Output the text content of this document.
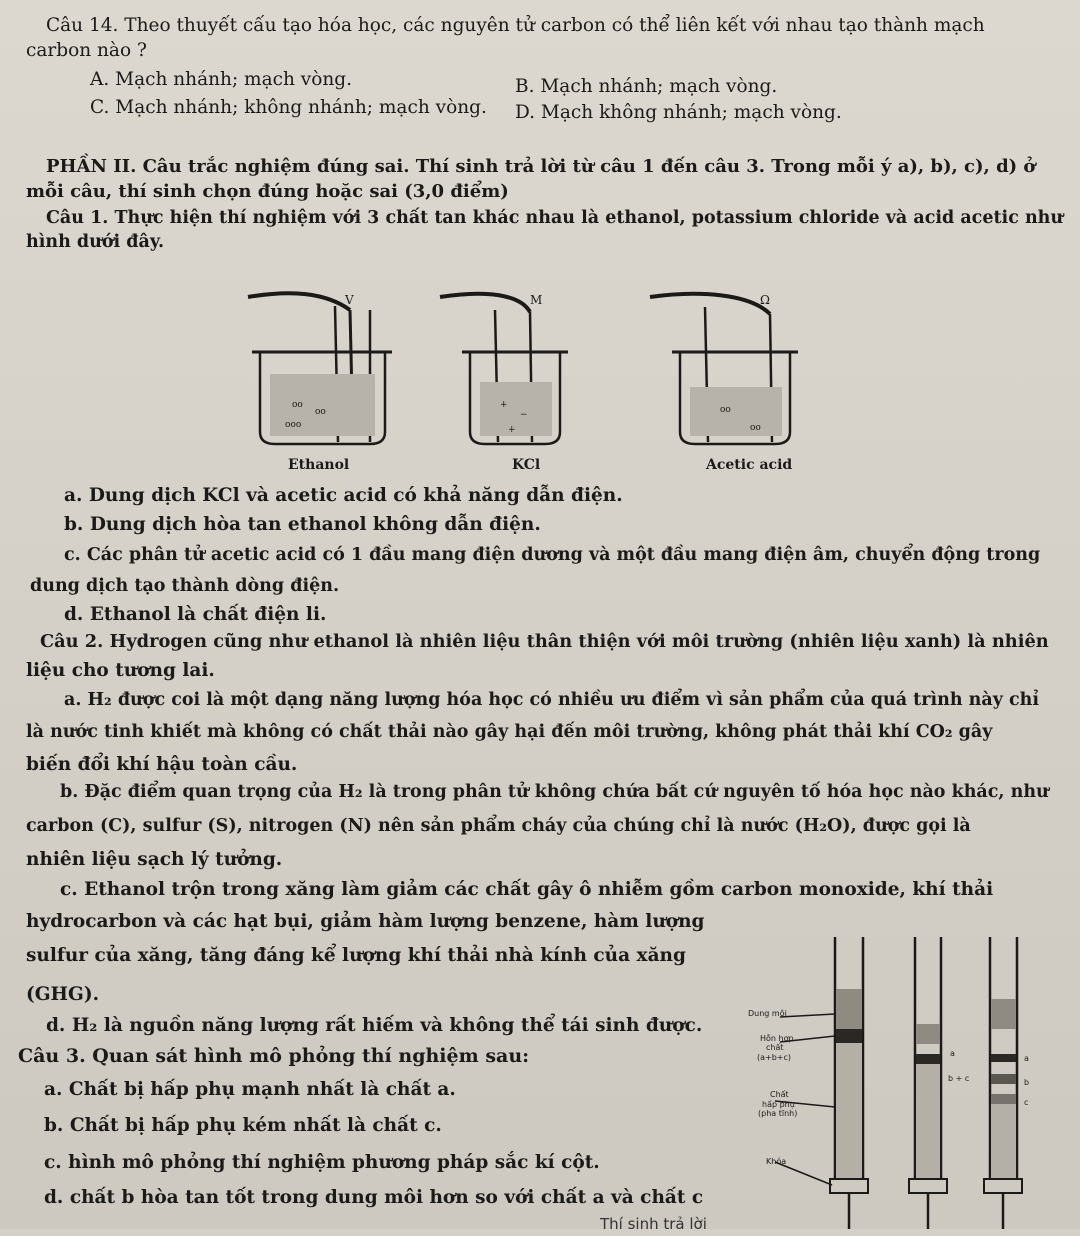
Câu 14. Theo thuyết cấu tạo hóa học, các nguyên tử carbon có thể liên kết với nhau tạo thành mạch
carbon nào ?
A. Mạch nhánh; mạch vòng.	B. Mạch nhánh; mạch vòng.
C. Mạch nhánh; không nhánh; mạch vòng. D. Mạch không nhánh; mạch vòng.
PHẦN II. Câu trắc nghiệm đúng sai. Thí sinh trả lời từ câu 1 đến câu 3. Trong mỗi ý a), b), c), d) ở
mỗi câu, thí sinh chọn đúng hoặc sai (3,0 điểm)
Câu 1. Thực hiện thí nghiệm với 3 chất tan khác nhau là ethanol, potassium chloride và acid acetic như
hình dưới đây.
V
oo
oo
ooo
M
+
−
+
Ω
oo
oo
Ethanol	KCl	Acetic acid
a. Dung dịch KCl và acetic acid có khả năng dẫn điện.
b. Dung dịch hòa tan ethanol không dẫn điện.
c. Các phân tử acetic acid có 1 đầu mang điện dương và một đầu mang điện âm, chuyển động trong
dung dịch tạo thành dòng điện.
d. Ethanol là chất điện li.
Câu 2. Hydrogen cũng như ethanol là nhiên liệu thân thiện với môi trường (nhiên liệu xanh) là nhiên
liệu cho tương lai.
a. H₂ được coi là một dạng năng lượng hóa học có nhiều ưu điểm vì sản phẩm của quá trình này chỉ
là nước tinh khiết mà không có chất thải nào gây hại đến môi trường, không phát thải khí CO₂ gây
biến đổi khí hậu toàn cầu.
b. Đặc điểm quan trọng của H₂ là trong phân tử không chứa bất cứ nguyên tố hóa học nào khác, như
carbon (C), sulfur (S), nitrogen (N) nên sản phẩm cháy của chúng chỉ là nước (H₂O), được gọi là
nhiên liệu sạch lý tưởng.
c. Ethanol trộn trong xăng làm giảm các chất gây ô nhiễm gồm carbon monoxide, khí thải
hydrocarbon và các hạt bụi, giảm hàm lượng benzene, hàm lượng
sulfur của xăng, tăng đáng kể lượng khí thải nhà kính của xăng
(GHG).
d. H₂ là nguồn năng lượng rất hiếm và không thể tái sinh được.
Câu 3. Quan sát hình mô phỏng thí nghiệm sau:
a. Chất bị hấp phụ mạnh nhất là chất a.
b. Chất bị hấp phụ kém nhất là chất c.
c. hình mô phỏng thí nghiệm phương pháp sắc kí cột.
d. chất b hòa tan tốt trong dung môi hơn so với chất a và chất c
Dung môi
Hỗn hợp
chất
(a+b+c)
Chất
hấp phụ
(pha tĩnh)
Khóa
b + c
a
a
b
c
Thí sinh trả lời
